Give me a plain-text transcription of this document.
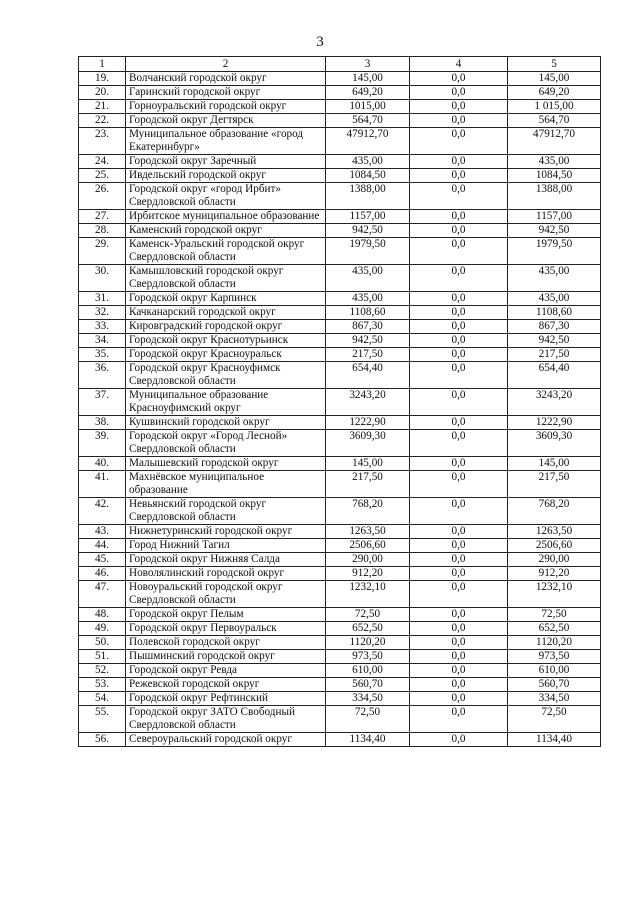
3
1	2	3	4	5
19.	Волчанский городской округ	145,00	0,0	145,00
20.	Гаринский городской округ	649,20	0,0	649,20
21.	Горноуральский городской округ	1015,00	0,0	1 015,00
22.	Городской округ Дегтярск	564,70	0,0	564,70
23.	Муниципальное образование «город Екатеринбург»	47912,70	0,0	47912,70
24.	Городской округ Заречный	435,00	0,0	435,00
25.	Ивдельский городской округ	1084,50	0,0	1084,50
26.	Городской округ «город Ирбит» Свердловской области	1388,00	0,0	1388,00
27.	Ирбитское муниципальное образование	1157,00	0,0	1157,00
28.	Каменский городской округ	942,50	0,0	942,50
29.	Каменск-Уральский городской округ Свердловской области	1979,50	0,0	1979,50
30.	Камышловский городской округ Свердловской области	435,00	0,0	435,00
31.	Городской округ Карпинск	435,00	0,0	435,00
32.	Качканарский городской округ	1108,60	0,0	1108,60
33.	Кировградский городской округ	867,30	0,0	867,30
34.	Городской округ Краснотурьинск	942,50	0,0	942,50
35.	Городской округ Красноуральск	217,50	0,0	217,50
36.	Городской округ Красноуфимск Свердловской области	654,40	0,0	654,40
37.	Муниципальное образование Красноуфимский округ	3243,20	0,0	3243,20
38.	Кушвинский городской округ	1222,90	0,0	1222,90
39.	Городской округ «Город Лесной» Свердловской области	3609,30	0,0	3609,30
40.	Малышевский городской округ	145,00	0,0	145,00
41.	Махнёвское муниципальное образование	217,50	0,0	217,50
42.	Невьянский городской округ Свердловской области	768,20	0,0	768,20
43.	Нижнетуринский городской округ	1263,50	0,0	1263,50
44.	Город Нижний Тагил	2506,60	0,0	2506,60
45.	Городской округ Нижняя Салда	290,00	0,0	290,00
46.	Новолялинский городской округ	912,20	0,0	912,20
47.	Новоуральский городской округ Свердловской области	1232,10	0,0	1232,10
48.	Городской округ Пелым	72,50	0,0	72,50
49.	Городской округ Первоуральск	652,50	0,0	652,50
50.	Полевской городской округ	1120,20	0,0	1120,20
51.	Пышминский городской округ	973,50	0,0	973,50
52.	Городской округ Ревда	610,00	0,0	610,00
53.	Режевской городской округ	560,70	0,0	560,70
54.	Городской округ Рефтинский	334,50	0,0	334,50
55.	Городской округ ЗАТО Свободный Свердловской области	72,50	0,0	72,50
56.	Североуральский городской округ	1134,40	0,0	1134,40
